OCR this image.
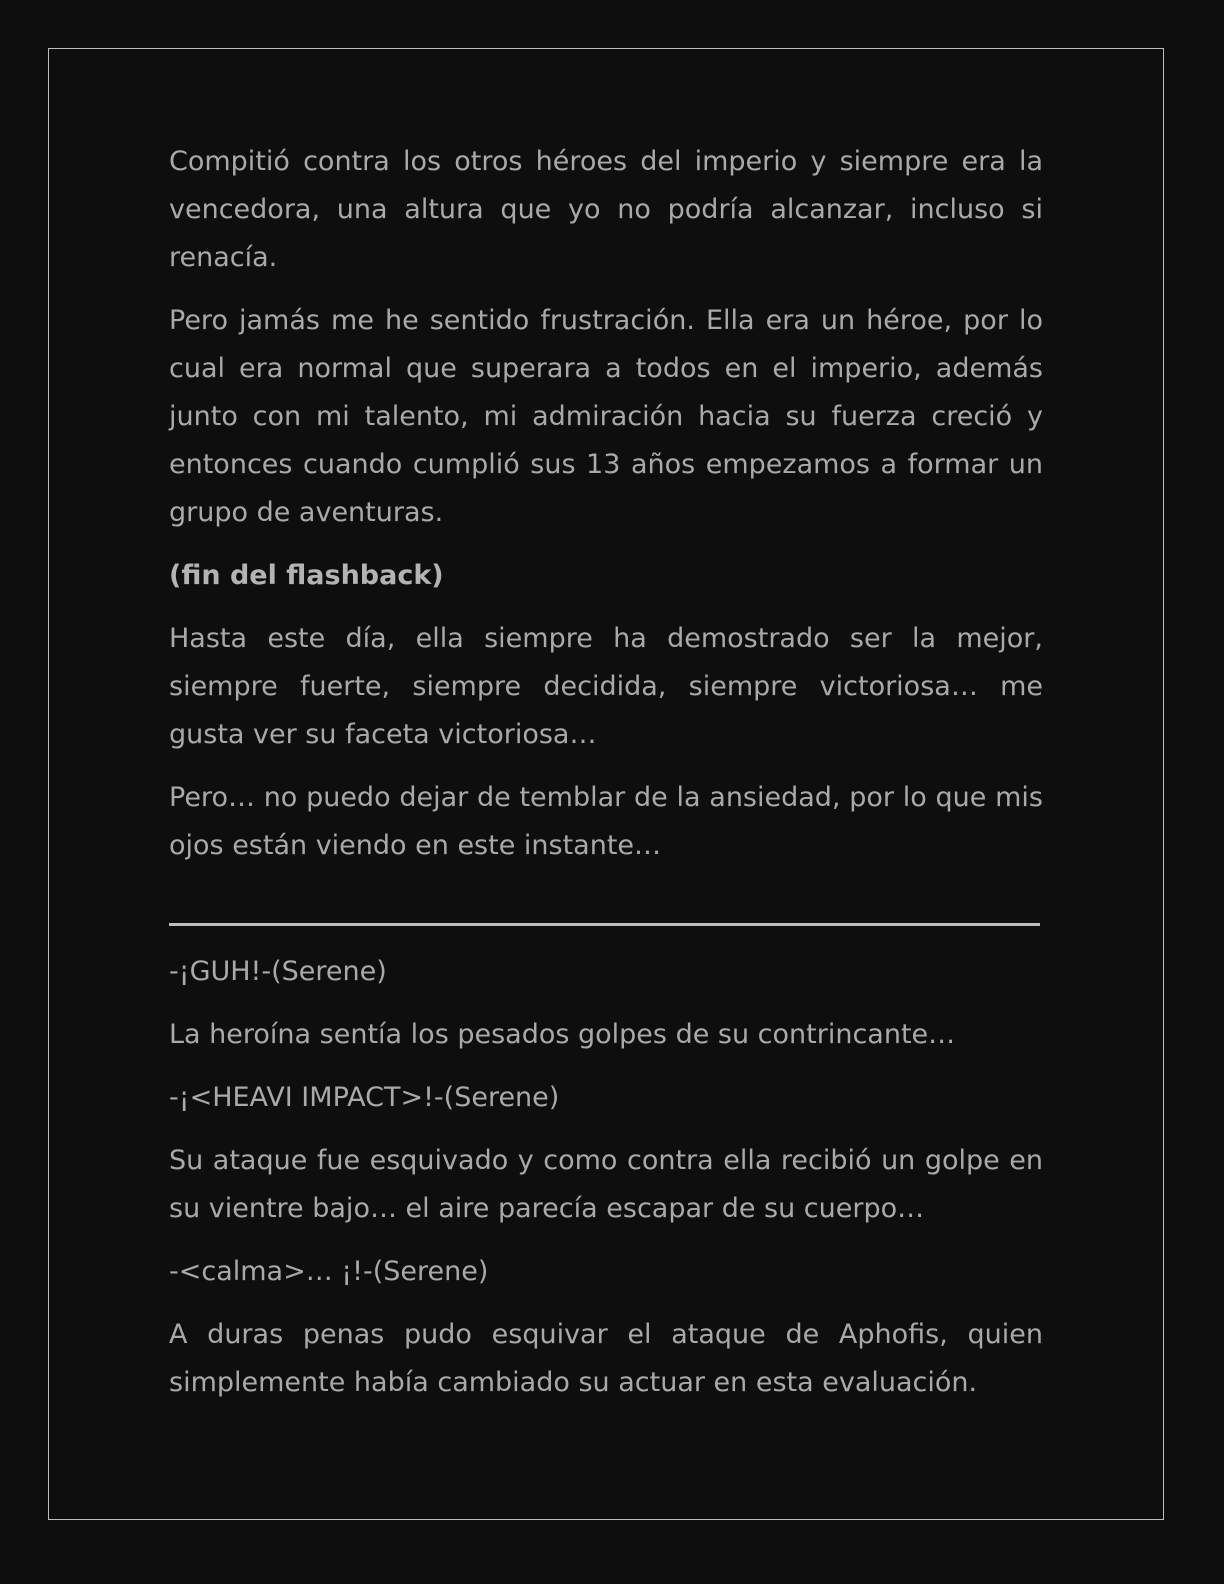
Compitió contra los otros héroes del imperio y siempre era la vencedora, una altura que yo no podría alcanzar, incluso si renacía.

Pero jamás me he sentido frustración. Ella era un héroe, por lo cual era normal que superara a todos en el imperio, además junto con mi talento, mi admiración hacia su fuerza creció y entonces cuando cumplió sus 13 años empezamos a formar un grupo de aventuras.

(fin del flashback)

Hasta este día, ella siempre ha demostrado ser la mejor, siempre fuerte, siempre decidida, siempre victoriosa… me gusta ver su faceta victoriosa…

Pero… no puedo dejar de temblar de la ansiedad, por lo que mis ojos están viendo en este instante…

-¡GUH!-(Serene)

La heroína sentía los pesados golpes de su contrincante…

-¡<HEAVI IMPACT>!-(Serene)

Su ataque fue esquivado y como contra ella recibió un golpe en su vientre bajo… el aire parecía escapar de su cuerpo…

-<calma>… ¡!-(Serene)

A duras penas pudo esquivar el ataque de Aphofis, quien simplemente había cambiado su actuar en esta evaluación.
